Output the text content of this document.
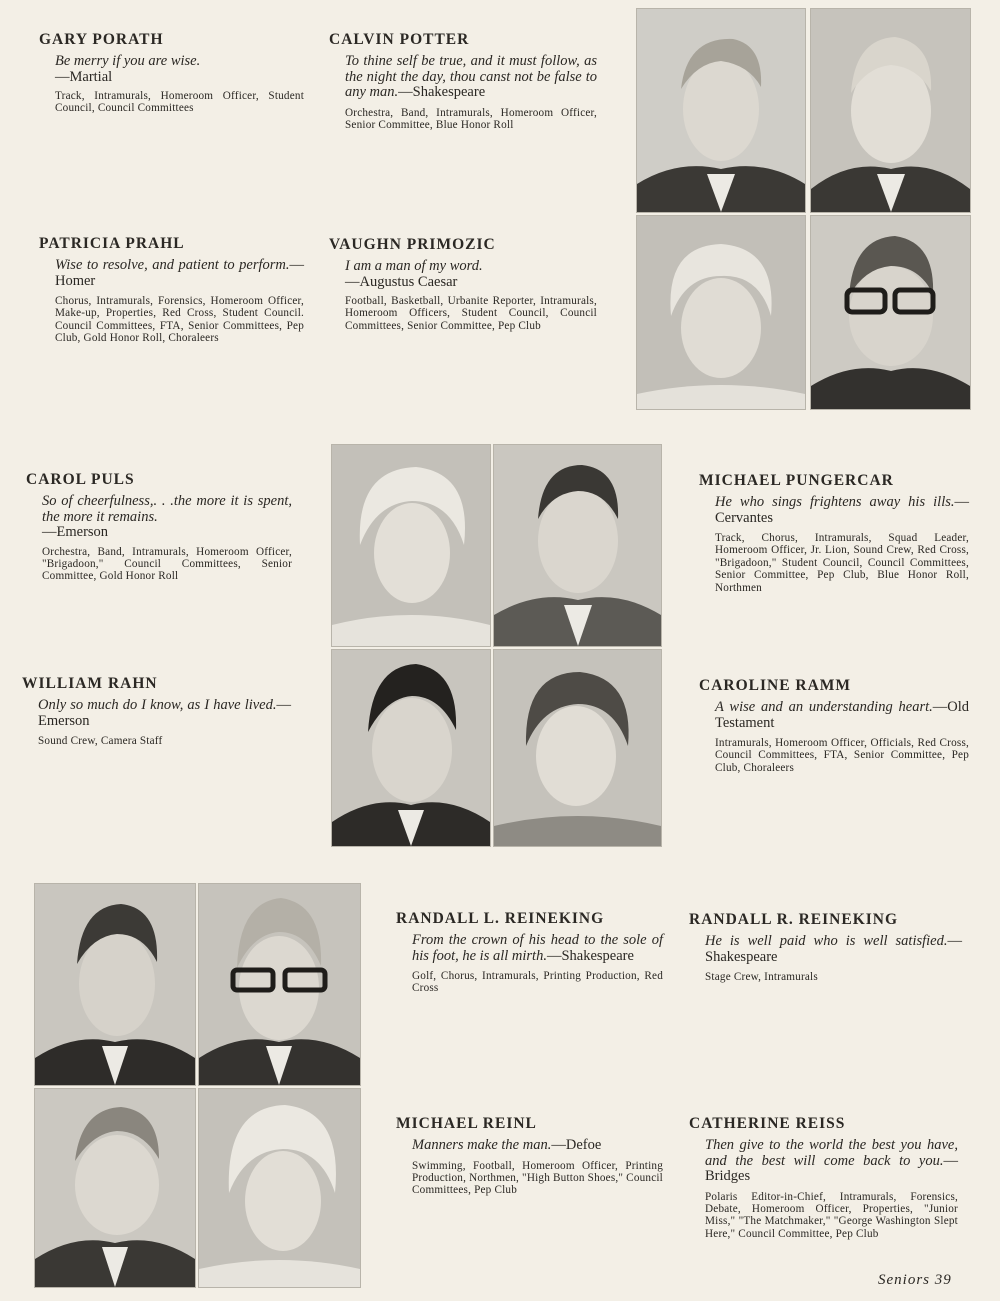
GARY PORATH
Be merry if you are wise.
—Martial
Track, Intramurals, Homeroom Officer, Student Council, Council Committees
CALVIN POTTER
To thine self be true, and it must follow, as the night the day, thou canst not be false to any man.—Shakespeare
Orchestra, Band, Intramurals, Homeroom Officer, Senior Committee, Blue Honor Roll
PATRICIA PRAHL
Wise to resolve, and patient to perform.—Homer
Chorus, Intramurals, Forensics, Homeroom Officer, Make-up, Properties, Red Cross, Student Council. Council Committees, FTA, Senior Committees, Pep Club, Gold Honor Roll, Choraleers
VAUGHN PRIMOZIC
I am a man of my word.
—Augustus Caesar
Football, Basketball, Urbanite Reporter, Intramurals, Homeroom Officers, Student Council, Council Committees, Senior Committee, Pep Club
CAROL PULS
So of cheerfulness,. . .the more it is spent, the more it remains.
—Emerson
Orchestra, Band, Intramurals, Homeroom Officer, "Brigadoon," Council Committees, Senior Committee, Gold Honor Roll
MICHAEL PUNGERCAR
He who sings frightens away his ills.—Cervantes
Track, Chorus, Intramurals, Squad Leader, Homeroom Officer, Jr. Lion, Sound Crew, Red Cross, "Brigadoon," Student Council, Council Committees, Senior Committee, Pep Club, Blue Honor Roll, Northmen
WILLIAM RAHN
Only so much do I know, as I have lived.—Emerson
Sound Crew, Camera Staff
CAROLINE RAMM
A wise and an understanding heart.—Old Testament
Intramurals, Homeroom Officer, Officials, Red Cross, Council Committees, FTA, Senior Committee, Pep Club, Choraleers
RANDALL L. REINEKING
From the crown of his head to the sole of his foot, he is all mirth.—Shakespeare
Golf, Chorus, Intramurals, Printing Production, Red Cross
RANDALL R. REINEKING
He is well paid who is well satisfied.—Shakespeare
Stage Crew, Intramurals
MICHAEL REINL
Manners make the man.—Defoe
Swimming, Football, Homeroom Officer, Printing Production, Northmen, "High Button Shoes," Council Committees, Pep Club
CATHERINE REISS
Then give to the world the best you have, and the best will come back to you.—Bridges
Polaris Editor-in-Chief, Intramurals, Forensics, Debate, Homeroom Officer, Properties, "Junior Miss," "The Matchmaker," "George Washington Slept Here," Council Committee, Pep Club
Seniors 39
